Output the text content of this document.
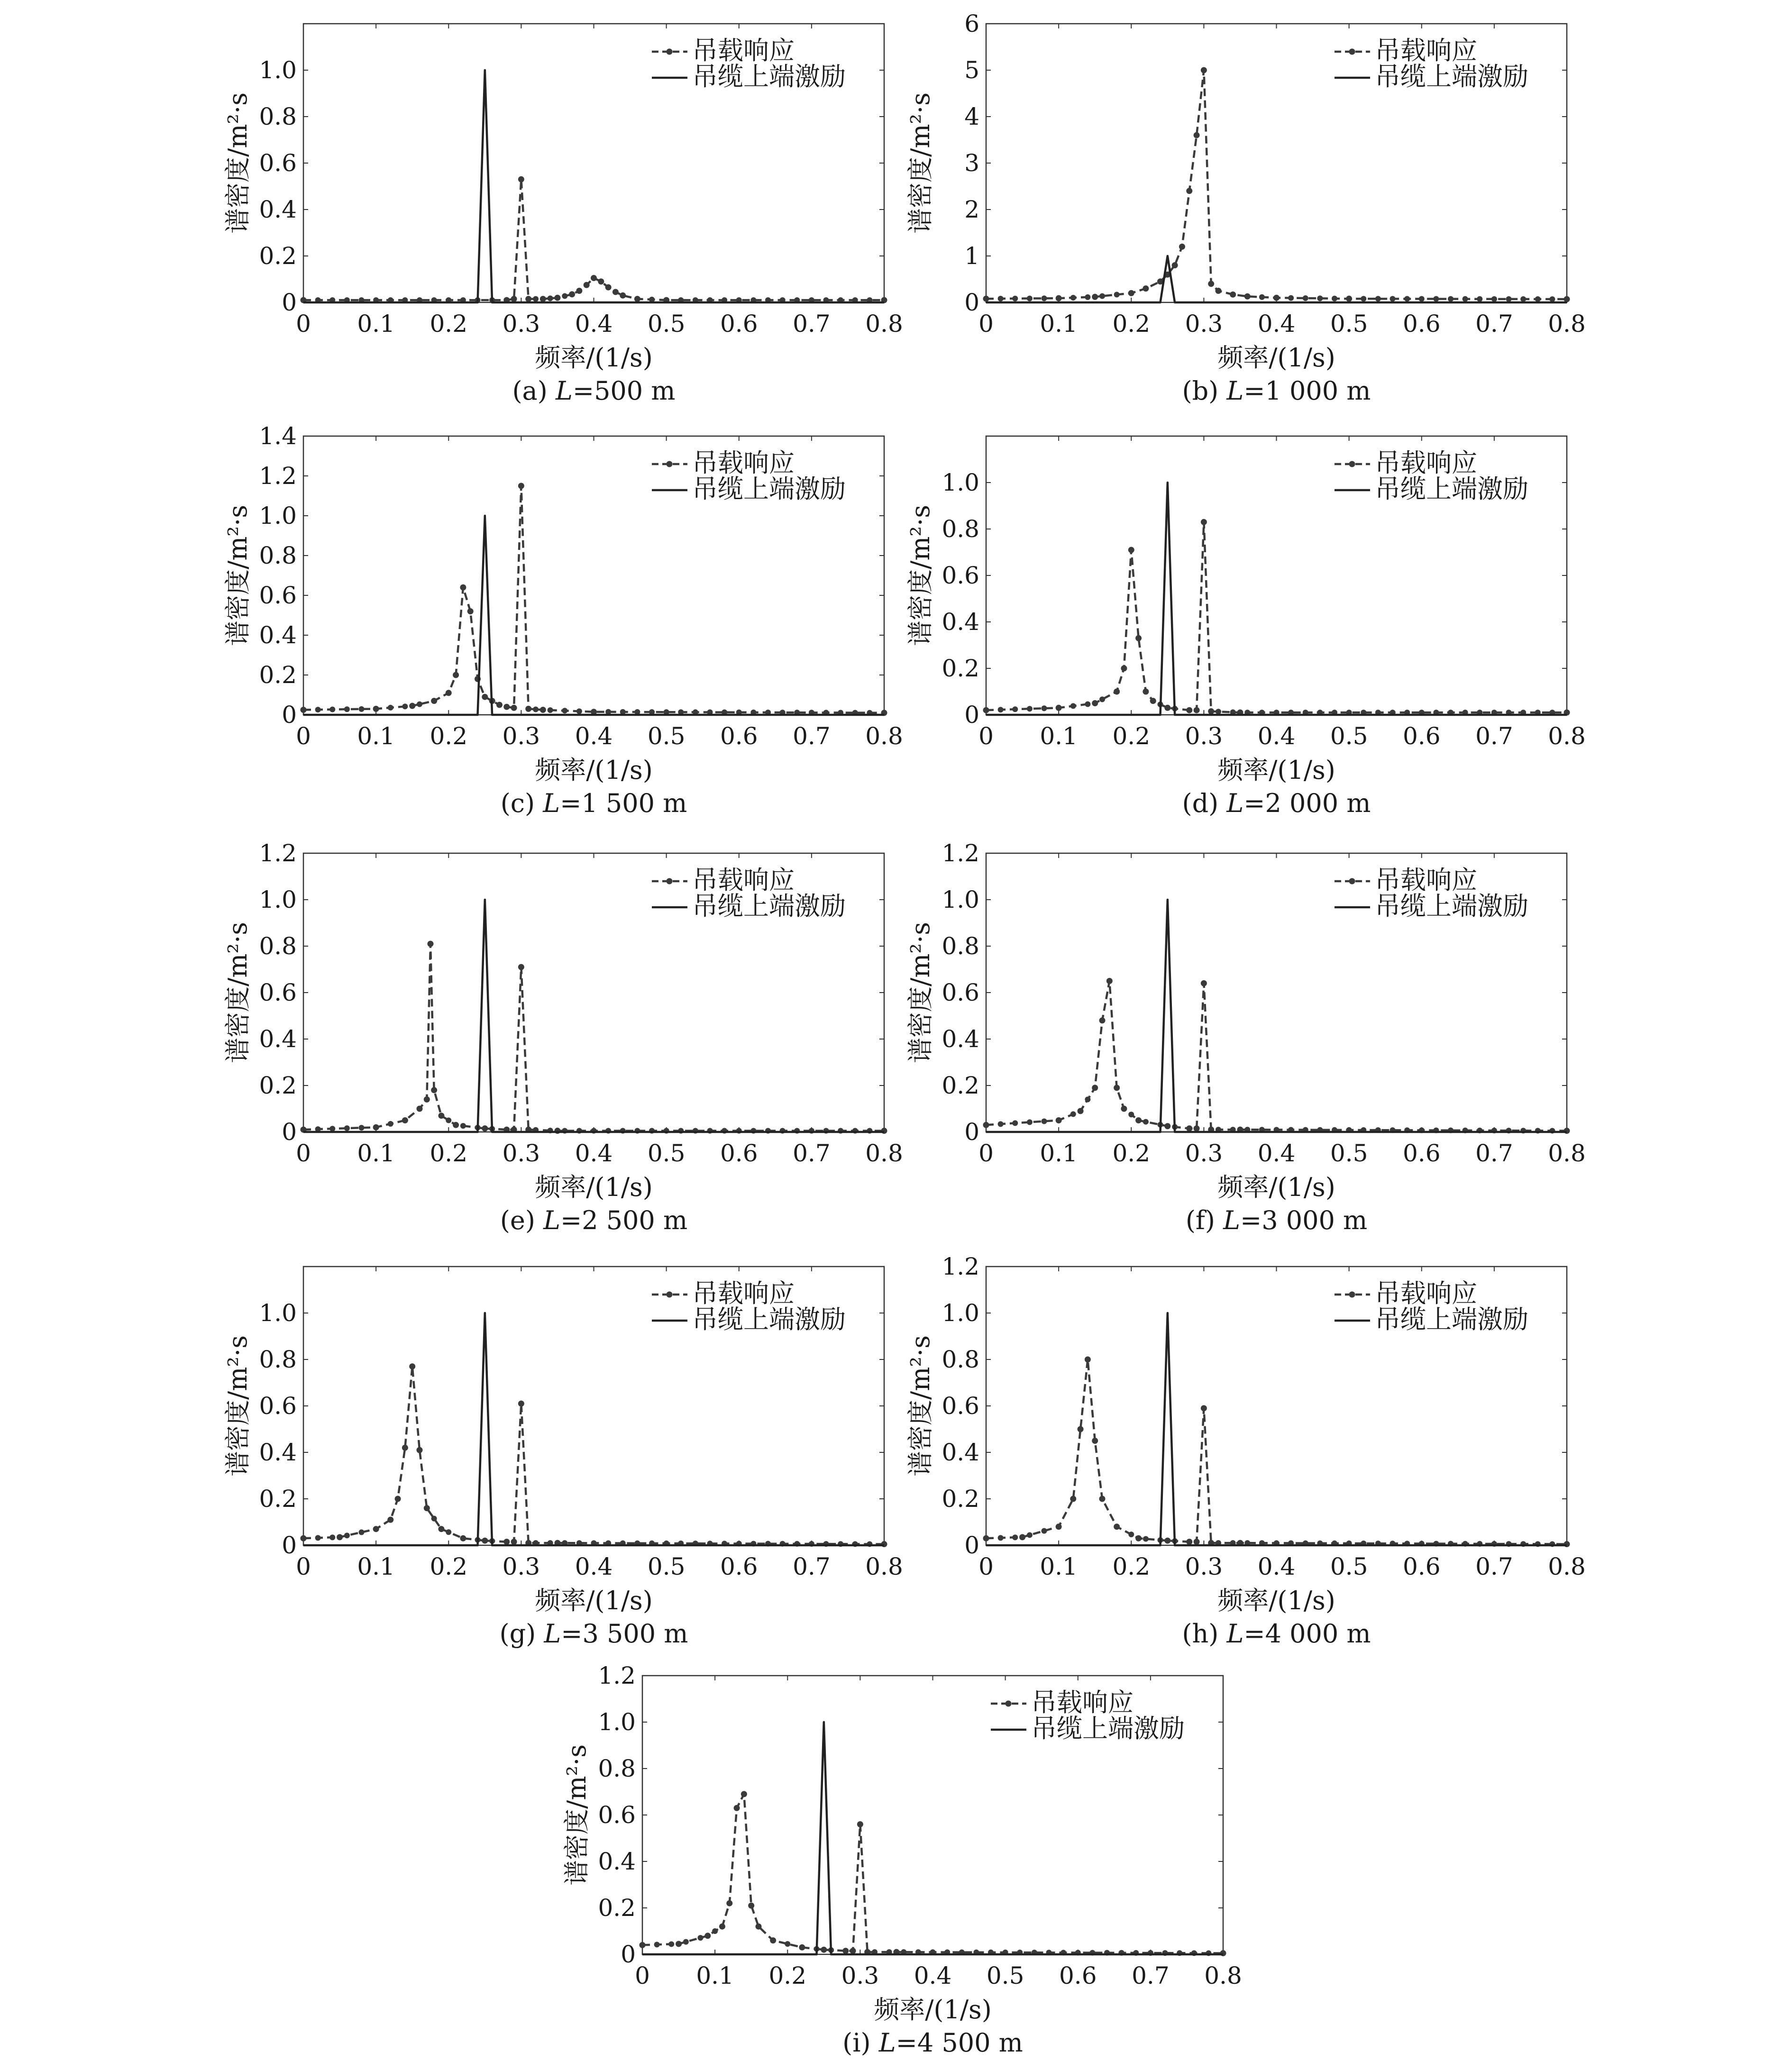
0 0.1 0.2 0.3 0.4 0.5 0.6 0.7 0.8
0
0.2
0.4
0.6
0.8
1.0
频率/(1/s)
谱密度/m²·s
(a) L=500 m
吊载响应
吊缆上端激励
0 0.1 0.2 0.3 0.4 0.5 0.6 0.7 0.8
0
1
2
3
4
5
6
频率/(1/s)
谱密度/m²·s
(b) L=1 000 m
吊载响应
吊缆上端激励
0 0.1 0.2 0.3 0.4 0.5 0.6 0.7 0.8
0
0.2
0.4
0.6
0.8
1.0
1.2
1.4
频率/(1/s)
谱密度/m²·s
(c) L=1 500 m
吊载响应
吊缆上端激励
0 0.1 0.2 0.3 0.4 0.5 0.6 0.7 0.8
0
0.2
0.4
0.6
0.8
1.0
频率/(1/s)
谱密度/m²·s
(d) L=2 000 m
吊载响应
吊缆上端激励
0 0.1 0.2 0.3 0.4 0.5 0.6 0.7 0.8
0
0.2
0.4
0.6
0.8
1.0
1.2
频率/(1/s)
谱密度/m²·s
(e) L=2 500 m
吊载响应
吊缆上端激励
0 0.1 0.2 0.3 0.4 0.5 0.6 0.7 0.8
0
0.2
0.4
0.6
0.8
1.0
1.2
频率/(1/s)
谱密度/m²·s
(f) L=3 000 m
吊载响应
吊缆上端激励
0 0.1 0.2 0.3 0.4 0.5 0.6 0.7 0.8
0
0.2
0.4
0.6
0.8
1.0
频率/(1/s)
谱密度/m²·s
(g) L=3 500 m
吊载响应
吊缆上端激励
0 0.1 0.2 0.3 0.4 0.5 0.6 0.7 0.8
0
0.2
0.4
0.6
0.8
1.0
1.2
频率/(1/s)
谱密度/m²·s
(h) L=4 000 m
吊载响应
吊缆上端激励
0 0.1 0.2 0.3 0.4 0.5 0.6 0.7 0.8
0
0.2
0.4
0.6
0.8
1.0
1.2
频率/(1/s)
谱密度/m²·s
(i) L=4 500 m
吊载响应
吊缆上端激励
